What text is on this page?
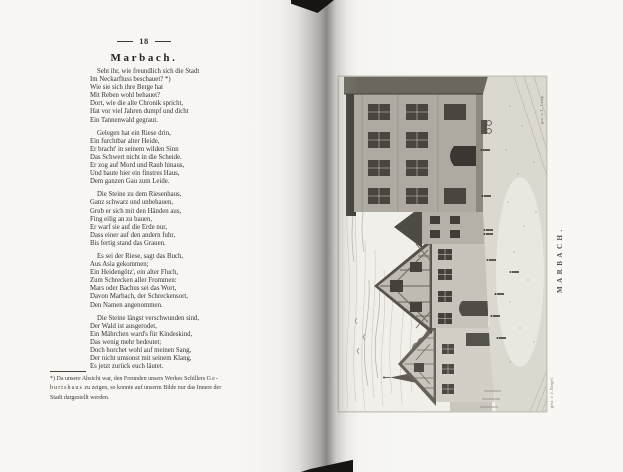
18
Marbach.
Seht ihr, wie freundlich sich die Stadt
Im Neckarfluss beschauet? *)
Wie sie sich ihre Berge hat
Mit Reben wohl behauet?
Dort, wie die alte Chronik spricht,
Hat vor viel Jahren dumpf und dicht
Ein Tannenwald gegraut.
Gelegen hat ein Riese drin,
Ein furchtbar alter Heide,
Er bracht' in seinem wilden Sinn
Das Schwert nicht in die Scheide.
Er zog auf Mord und Raub hinaus,
Und baute hier ein finstres Haus,
Dem ganzen Gau zum Leide.
Die Steine zu dem Riesenhaus,
Ganz schwarz und unbehauen,
Grub er sich mit den Händen aus,
Fing eilig an zu bauen,
Er warf sie auf die Erde nur,
Dass einer auf den andern fuhr,
Bis fertig stand das Grauen.
Es sei der Riese, sagt das Buch,
Aus Asia gekommen;
Ein Heidengötz', ein alter Fluch,
Zum Schrecken aller Frommen:
Mars oder Bachus sei das Wort,
Davon Marbach, der Schreckensort,
Den Namen angenommen.
Die Steine längst verschwunden sind,
Der Wald ist ausgerodet,
Ein Mährchen ward's für Kindeskind,
Das wenig mehr bedeutet;
Doch horchet wohl auf meinen Sang,
Der nicht umsonst mit seinem Klang,
Es jetzt zurück euch läutet.
*) Da unsere Absicht war, den Freunden unsers Werkes Schillers Ge-
burtshaus zu zeigen, so konnte auf unserm Bilde nur das Innere der
Stadt dargestellt werden.
gez. v. L. Camp.
gest. v. J. Riegel.
MARBACH.
